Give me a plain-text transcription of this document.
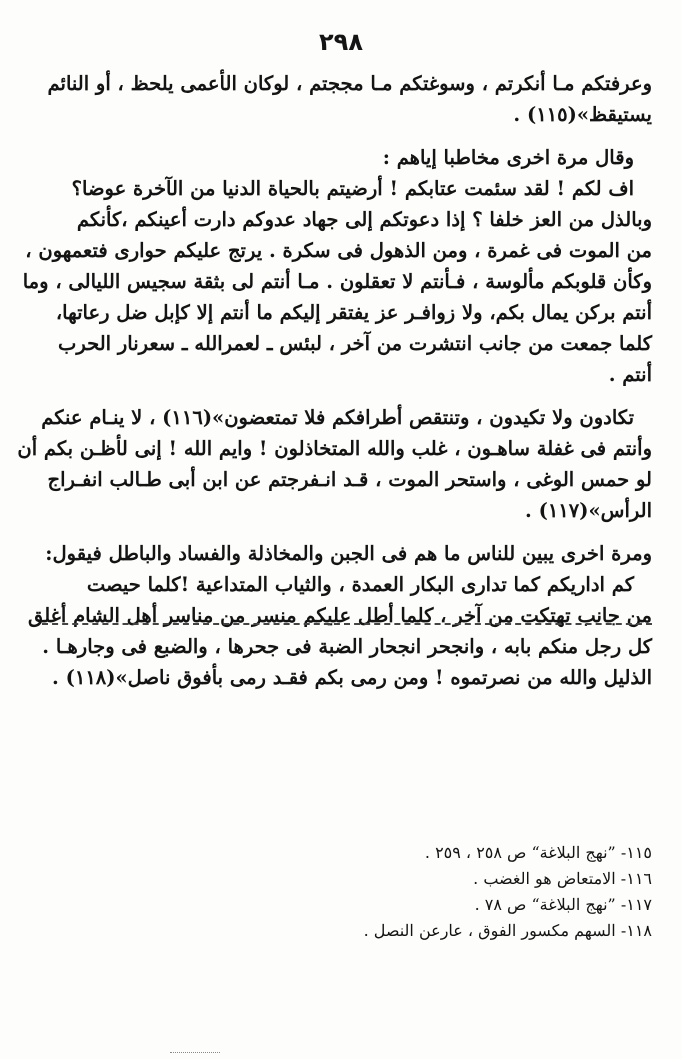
٢٩٨
وعرفتكم مـا أنكرتم ، وسوغتكم مـا مججتم ، لوكان الأعمى يلحظ ، أو النائم
يستيقظ»(١١٥) .
وقال مرة اخرى مخاطبا إياهم :
اف لكم ! لقد سئمت عتابكم ! أرضيتم بالحياة الدنيا من الآخرة عوضا؟
وبالذل من العز خلفا ؟ إذا دعوتكم إلى جهاد عدوكم دارت أعينكم ،كأنكم
من الموت فى غمرة ، ومن الذهول فى سكرة . يرتج عليكم حوارى فتعمهون ،
وكأن قلوبكم مألوسة ، فـأنتم لا تعقلون . مـا أنتم لى بثقة سجيس الليالى ، وما
أنتم بركن يمال بكم، ولا زوافـر عز يفتقر إليكم ما أنتم إلا كإبل ضل رعاتها،
كلما جمعت من جانب انتشرت من آخر ، لبئس ـ لعمرالله ـ سعرنار الحرب
أنتم .
تكادون ولا تكيدون ، وتنتقص أطرافكم فلا تمتعضون»(١١٦) ، لا ينـام عنكم
وأنتم فى غفلة ساهـون ، غلب والله المتخاذلون ! وايم الله ! إنى لأظـن بكم أن
لو حمس الوغى ، واستحر الموت ، قـد انـفرجتم عن ابن أبى طـالب انفـراج
الرأس»(١١٧) .
ومرة اخرى يبين للناس ما هم فى الجبن والمخاذلة والفساد والباطل فيقول:
كم اداريكم كما تدارى البكار العمدة ، والثياب المتداعية !كلما حيصت
من جانب تهتكت من آخر ، كلما أطل عليكم منسر من مناسر أهل الشام أغلق
كل رجل منكم بابه ، وانجحر انجحار الضبة فى جحرها ، والضبع فى وجارهـا .
الذليل والله من نصرتموه ! ومن رمى بكم فقـد رمى بأفوق ناصل»(١١٨) .
١١٥- ”نهج البلاغة“ ص ٢٥٨ ، ٢٥٩ .
١١٦- الامتعاض هو الغضب .
١١٧- ”نهج البلاغة“ ص ٧٨ .
١١٨- السهم مكسور الفوق ، عارعن النصل .
